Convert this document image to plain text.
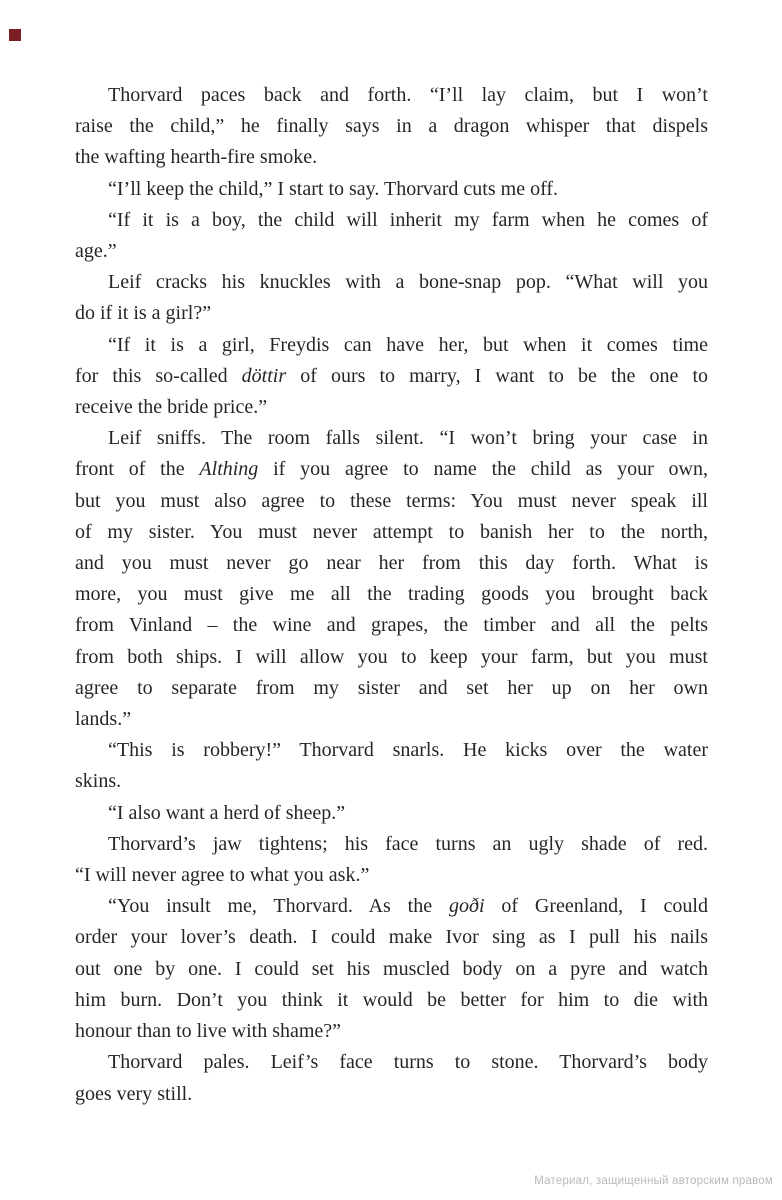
Thorvard paces back and forth. “I’ll lay claim, but I won’t
raise the child,” he finally says in a dragon whisper that dispels
the wafting hearth-fire smoke.
“I’ll keep the child,” I start to say. Thorvard cuts me off.
“If it is a boy, the child will inherit my farm when he comes of
age.”
Leif cracks his knuckles with a bone-snap pop. “What will you
do if it is a girl?”
“If it is a girl, Freydis can have her, but when it comes time
for this so-called döttir of ours to marry, I want to be the one to
receive the bride price.”
Leif sniffs. The room falls silent. “I won’t bring your case in
front of the Althing if you agree to name the child as your own,
but you must also agree to these terms: You must never speak ill
of my sister. You must never attempt to banish her to the north,
and you must never go near her from this day forth. What is
more, you must give me all the trading goods you brought back
from Vinland – the wine and grapes, the timber and all the pelts
from both ships. I will allow you to keep your farm, but you must
agree to separate from my sister and set her up on her own
lands.”
“This is robbery!” Thorvard snarls. He kicks over the water
skins.
“I also want a herd of sheep.”
Thorvard’s jaw tightens; his face turns an ugly shade of red.
“I will never agree to what you ask.”
“You insult me, Thorvard. As the goði of Greenland, I could
order your lover’s death. I could make Ivor sing as I pull his nails
out one by one. I could set his muscled body on a pyre and watch
him burn. Don’t you think it would be better for him to die with
honour than to live with shame?”
Thorvard pales. Leif’s face turns to stone. Thorvard’s body
goes very still.
Материал, защищенный авторским правом
